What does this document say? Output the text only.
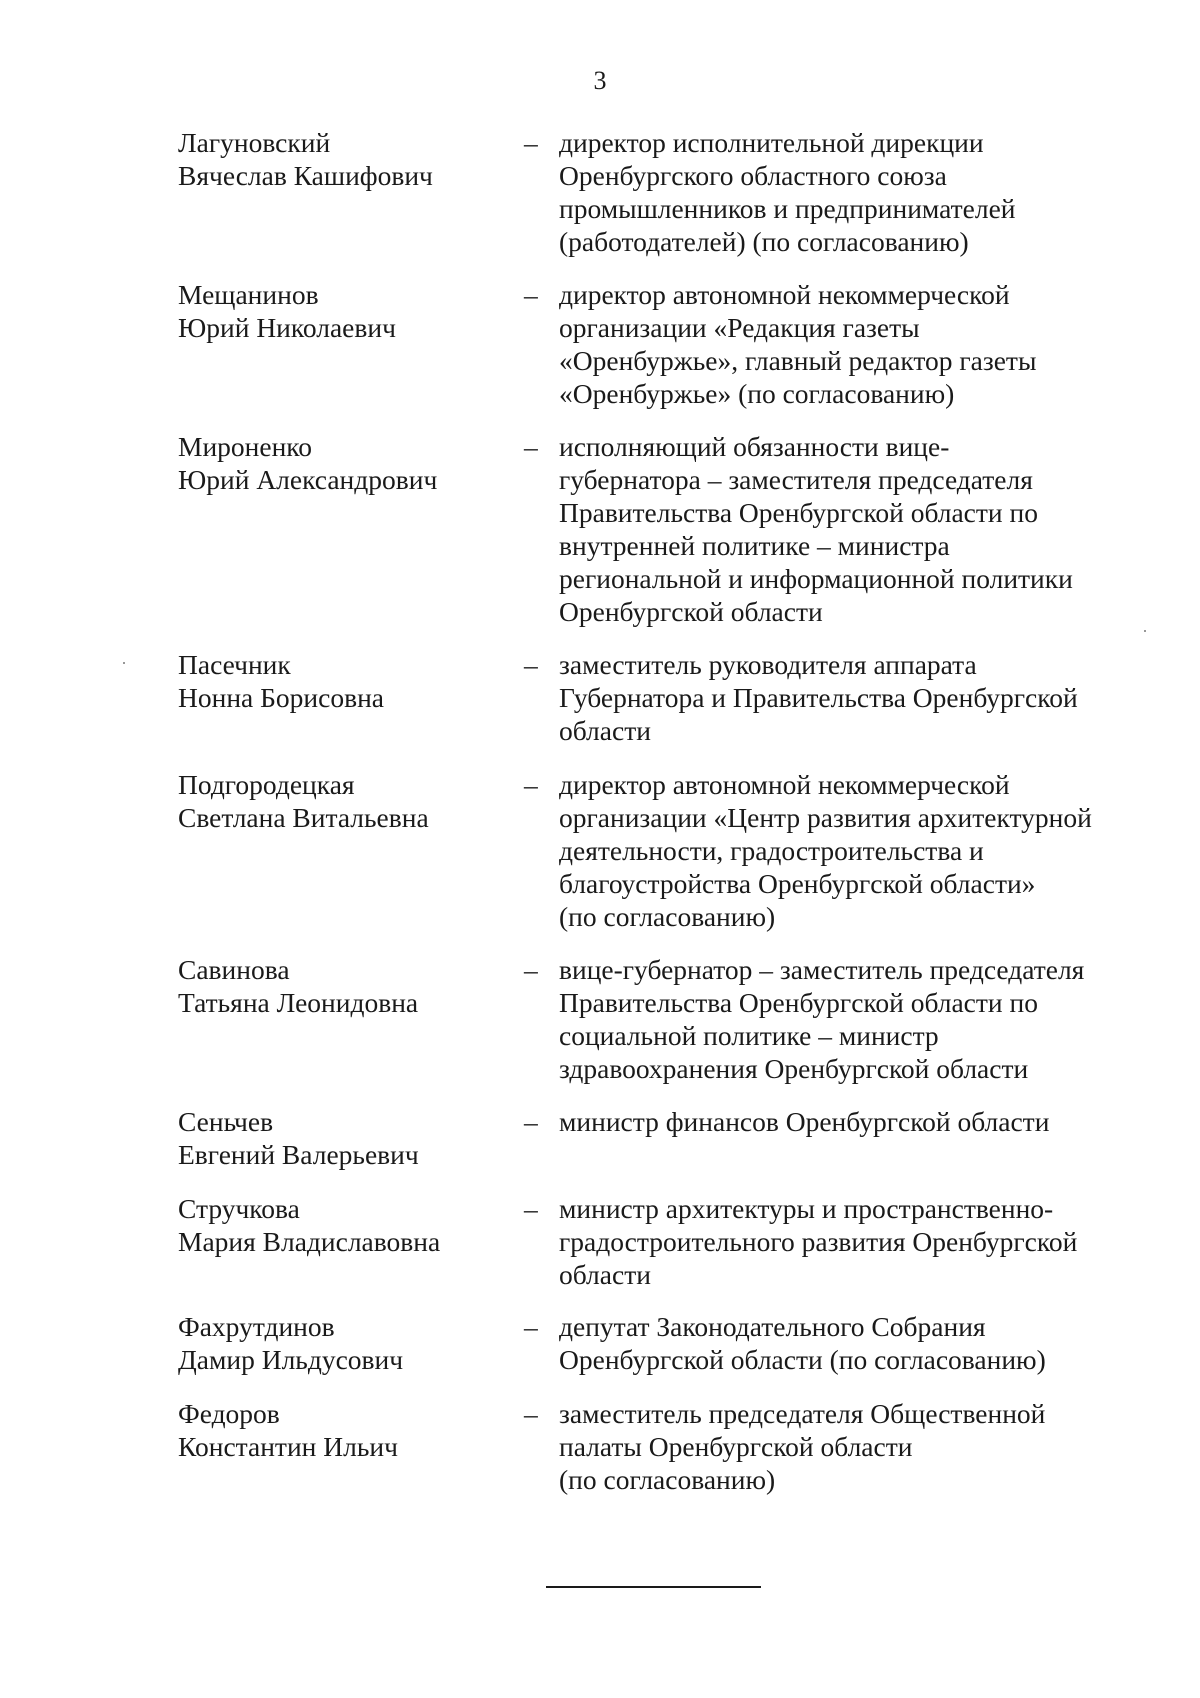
3
Лагуновский
Вячеслав Кашифович
– директор исполнительной дирекции
Оренбургского областного союза
промышленников и предпринимателей
(работодателей) (по согласованию)
Мещанинов
Юрий Николаевич
– директор автономной некоммерческой
организации «Редакция газеты
«Оренбуржье», главный редактор газеты
«Оренбуржье» (по согласованию)
Мироненко
Юрий Александрович
– исполняющий обязанности вице-
губернатора – заместителя председателя
Правительства Оренбургской области по
внутренней политике – министра
региональной и информационной политики
Оренбургской области
Пасечник
Нонна Борисовна
– заместитель руководителя аппарата
Губернатора и Правительства Оренбургской
области
Подгородецкая
Светлана Витальевна
– директор автономной некоммерческой
организации «Центр развития архитектурной
деятельности, градостроительства и
благоустройства Оренбургской области»
(по согласованию)
Савинова
Татьяна Леонидовна
– вице-губернатор – заместитель председателя
Правительства Оренбургской области по
социальной политике – министр
здравоохранения Оренбургской области
Сеньчев
Евгений Валерьевич
– министр финансов Оренбургской области
Стручкова
Мария Владиславовна
– министр архитектуры и пространственно-
градостроительного развития Оренбургской
области
Фахрутдинов
Дамир Ильдусович
– депутат Законодательного Собрания
Оренбургской области (по согласованию)
Федоров
Константин Ильич
– заместитель председателя Общественной
палаты Оренбургской области
(по согласованию)
